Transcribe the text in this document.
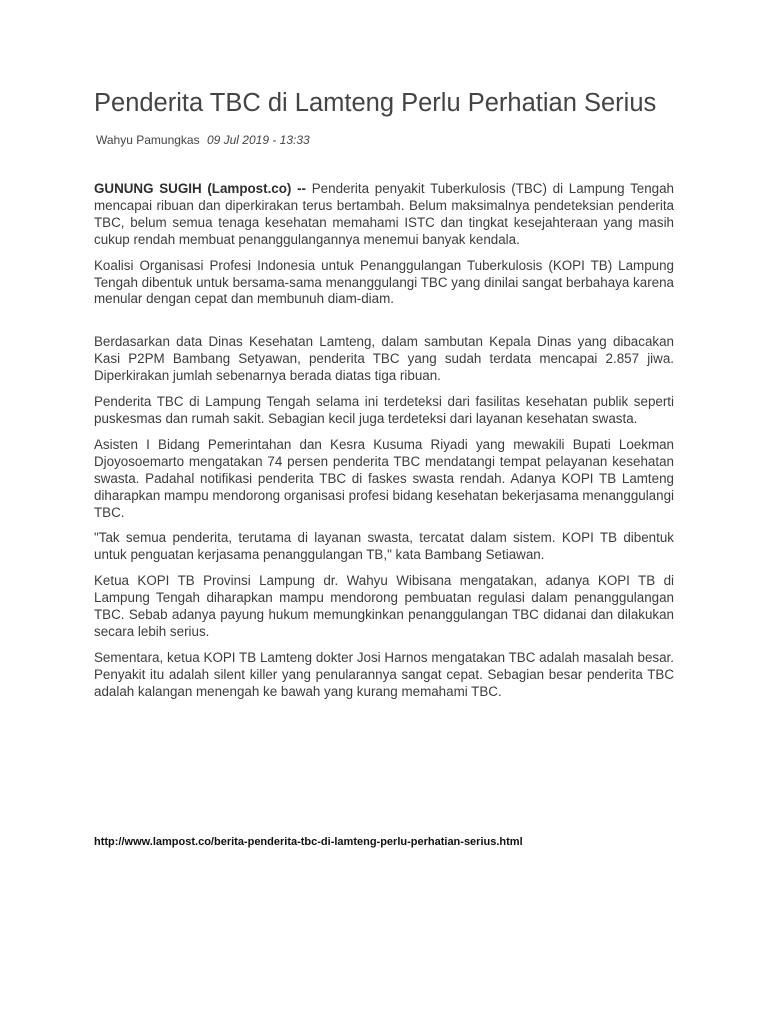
Penderita TBC di Lamteng Perlu Perhatian Serius
Wahyu Pamungkas 09 Jul 2019 - 13:33

GUNUNG SUGIH (Lampost.co) -- Penderita penyakit Tuberkulosis (TBC) di Lampung Tengah mencapai ribuan dan diperkirakan terus bertambah. Belum maksimalnya pendeteksian penderita TBC, belum semua tenaga kesehatan memahami ISTC dan tingkat kesejahteraan yang masih cukup rendah membuat penanggulangannya menemui banyak kendala.

Koalisi Organisasi Profesi Indonesia untuk Penanggulangan Tuberkulosis (KOPI TB) Lampung Tengah dibentuk untuk bersama-sama menanggulangi TBC yang dinilai sangat berbahaya karena menular dengan cepat dan membunuh diam-diam.

Berdasarkan data Dinas Kesehatan Lamteng, dalam sambutan Kepala Dinas yang dibacakan Kasi P2PM Bambang Setyawan, penderita TBC yang sudah terdata mencapai 2.857 jiwa. Diperkirakan jumlah sebenarnya berada diatas tiga ribuan.

Penderita TBC di Lampung Tengah selama ini terdeteksi dari fasilitas kesehatan publik seperti puskesmas dan rumah sakit. Sebagian kecil juga terdeteksi dari layanan kesehatan swasta.

Asisten I Bidang Pemerintahan dan Kesra Kusuma Riyadi yang mewakili Bupati Loekman Djoyosoemarto mengatakan 74 persen penderita TBC mendatangi tempat pelayanan kesehatan swasta. Padahal notifikasi penderita TBC di faskes swasta rendah. Adanya KOPI TB Lamteng diharapkan mampu mendorong organisasi profesi bidang kesehatan bekerjasama menanggulangi TBC.

"Tak semua penderita, terutama di layanan swasta, tercatat dalam sistem. KOPI TB dibentuk untuk penguatan kerjasama penanggulangan TB," kata Bambang Setiawan.

Ketua KOPI TB Provinsi Lampung dr. Wahyu Wibisana mengatakan, adanya KOPI TB di Lampung Tengah diharapkan mampu mendorong pembuatan regulasi dalam penanggulangan TBC. Sebab adanya payung hukum memungkinkan penanggulangan TBC didanai dan dilakukan secara lebih serius.

Sementara, ketua KOPI TB Lamteng dokter Josi Harnos mengatakan TBC adalah masalah besar. Penyakit itu adalah silent killer yang penularannya sangat cepat. Sebagian besar penderita TBC adalah kalangan menengah ke bawah yang kurang memahami TBC.

http://www.lampost.co/berita-penderita-tbc-di-lamteng-perlu-perhatian-serius.html
